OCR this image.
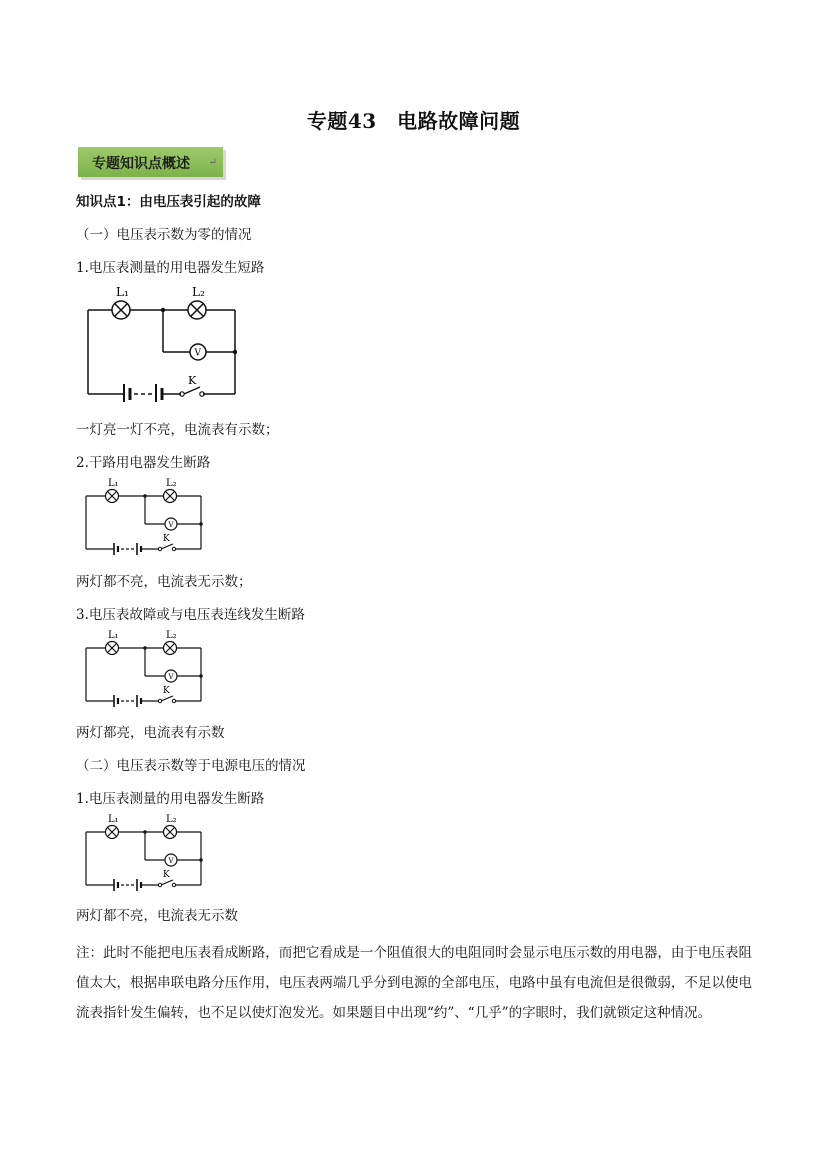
专题43　电路故障问题
专题知识点概述 ↵
知识点1：由电压表引起的故障
（一）电压表示数为零的情况
1.电压表测量的用电器发生短路
L₁	L₂
V
K
一灯亮一灯不亮，电流表有示数；
2.干路用电器发生断路
L₁	L₂
V
K
两灯都不亮，电流表无示数；
3.电压表故障或与电压表连线发生断路
L₁	L₂
V
K
两灯都亮，电流表有示数
（二）电压表示数等于电源电压的情况
1.电压表测量的用电器发生断路
L₁	L₂
V
K
两灯都不亮，电流表无示数
注：此时不能把电压表看成断路，而把它看成是一个阻值很大的电阻同时会显示电压示数的用电器，由于电压表阻值太大，根据串联电路分压作用，电压表两端几乎分到电源的全部电压，电路中虽有电流但是很微弱，不足以使电流表指针发生偏转，也不足以使灯泡发光。如果题目中出现“约”、“几乎”的字眼时，我们就锁定这种情况。
